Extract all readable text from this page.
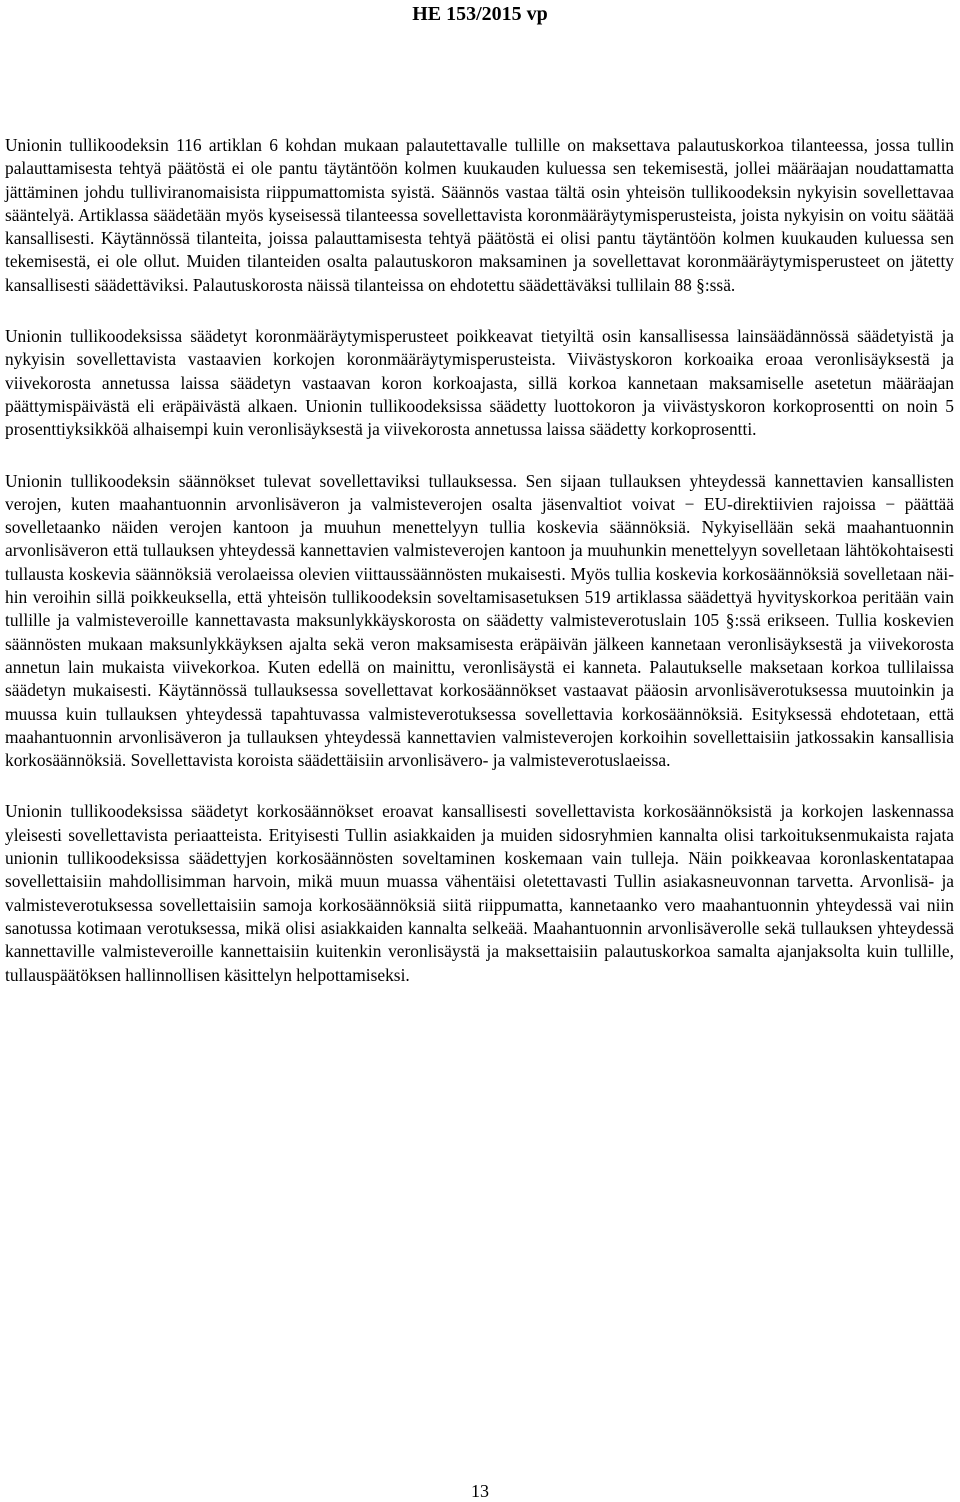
HE 153/2015 vp

Unionin tullikoodeksin 116 artiklan 6 kohdan mukaan palautettavalle tullille on maksettava palautuskorkoa tilanteessa, jossa tullin palauttamisesta tehtyä päätöstä ei ole pantu täytäntöön kolmen kuukauden kuluessa sen tekemisestä, jollei määräajan noudattamatta jättäminen johdu tulliviranomaisista riippumattomista syistä. Säännös vastaa tältä osin yhteisön tullikoodeksin nykyisin sovellettavaa sääntelyä. Artiklassa säädetään myös kyseisessä tilanteessa sovellettavista koronmääräytymisperusteista, joista nykyisin on voitu säätää kansallisesti. Käytännössä tilanteita, joissa palauttamisesta tehtyä päätöstä ei olisi pantu täytäntöön kolmen kuukauden kuluessa sen tekemisestä, ei ole ollut. Muiden tilanteiden osalta palautuskoron maksaminen ja sovellettavat koronmääräytymisperusteet on jätetty kansallisesti säädettäviksi. Palautuskorosta näissä tilanteissa on ehdotettu säädettäväksi tullilain 88 §:ssä.

Unionin tullikoodeksissa säädetyt koronmääräytymisperusteet poikkeavat tietyiltä osin kansallisessa lainsäädännössä säädetyistä ja nykyisin sovellettavista vastaavien korkojen koronmääräytymisperusteista. Viivästyskoron korkoaika eroaa veronlisäyksestä ja viivekorosta annetussa laissa säädetyn vastaavan koron korkoajasta, sillä korkoa kannetaan maksamiselle asetetun määräajan päättymispäivästä eli eräpäivästä alkaen. Unionin tullikoodeksissa säädetty luottokoron ja viivästyskoron korkoprosentti on noin 5 prosenttiyksikköä alhaisempi kuin veronlisäyksestä ja viivekorosta annetussa laissa säädetty korkoprosentti.

Unionin tullikoodeksin säännökset tulevat sovellettaviksi tullauksessa. Sen sijaan tullauksen yhteydessä kannettavien kansallisten verojen, kuten maahantuonnin arvonlisäveron ja valmisteverojen osalta jäsenvaltiot voivat − EU-direktiivien rajoissa − päättää sovelletaanko näiden verojen kantoon ja muuhun menettelyyn tullia koskevia säännöksiä. Nykyisellään sekä maahantuonnin arvonlisäveron että tullauksen yhteydessä kannettavien valmisteverojen kantoon ja muuhunkin menettelyyn sovelletaan lähtökohtaisesti tullausta koskevia säännöksiä verolaeissa olevien viittaussäännösten mukaisesti. Myös tullia koskevia korkosäännöksiä sovelletaan näihin veroihin sillä poikkeuksella, että yhteisön tullikoodeksin soveltamisasetuksen 519 artiklassa säädettyä hyvityskorkoa peritään vain tullille ja valmisteveroille kannettavasta maksunlykkäyskorosta on säädetty valmisteverotuslain 105 §:ssä erikseen. Tullia koskevien säännösten mukaan maksunlykkäyksen ajalta sekä veron maksamisesta eräpäivän jälkeen kannetaan veronlisäyksestä ja viivekorosta annetun lain mukaista viivekorkoa. Kuten edellä on mainittu, veronlisäystä ei kanneta. Palautukselle maksetaan korkoa tullilaissa säädetyn mukaisesti. Käytännössä tullauksessa sovellettavat korkosäännökset vastaavat pääosin arvonlisäverotuksessa muutoinkin ja muussa kuin tullauksen yhteydessä tapahtuvassa valmisteverotuksessa sovellettavia korkosäännöksiä. Esityksessä ehdotetaan, että maahantuonnin arvonlisäveron ja tullauksen yhteydessä kannettavien valmisteverojen korkoihin sovellettaisiin jatkossakin kansallisia korkosäännöksiä. Sovellettavista koroista säädettäisiin arvonlisävero- ja valmisteverotuslaeissa.

Unionin tullikoodeksissa säädetyt korkosäännökset eroavat kansallisesti sovellettavista korkosäännöksistä ja korkojen laskennassa yleisesti sovellettavista periaatteista. Erityisesti Tullin asiakkaiden ja muiden sidosryhmien kannalta olisi tarkoituksenmukaista rajata unionin tullikoodeksissa säädettyjen korkosäännösten soveltaminen koskemaan vain tulleja. Näin poikkeavaa koronlaskentatapaa sovellettaisiin mahdollisimman harvoin, mikä muun muassa vähentäisi oletettavasti Tullin asiakasneuvonnan tarvetta. Arvonlisä- ja valmisteverotuksessa sovellettaisiin samoja korkosäännöksiä siitä riippumatta, kannetaanko vero maahantuonnin yhteydessä vai niin sanotussa kotimaan verotuksessa, mikä olisi asiakkaiden kannalta selkeää. Maahantuonnin arvonlisäverolle sekä tullauksen yhteydessä kannettaville valmisteveroille kannettaisiin kuitenkin veronlisäystä ja maksettaisiin palautuskorkoa samalta ajanjaksolta kuin tullille, tullauspäätöksen hallinnollisen käsittelyn helpottamiseksi.

13
